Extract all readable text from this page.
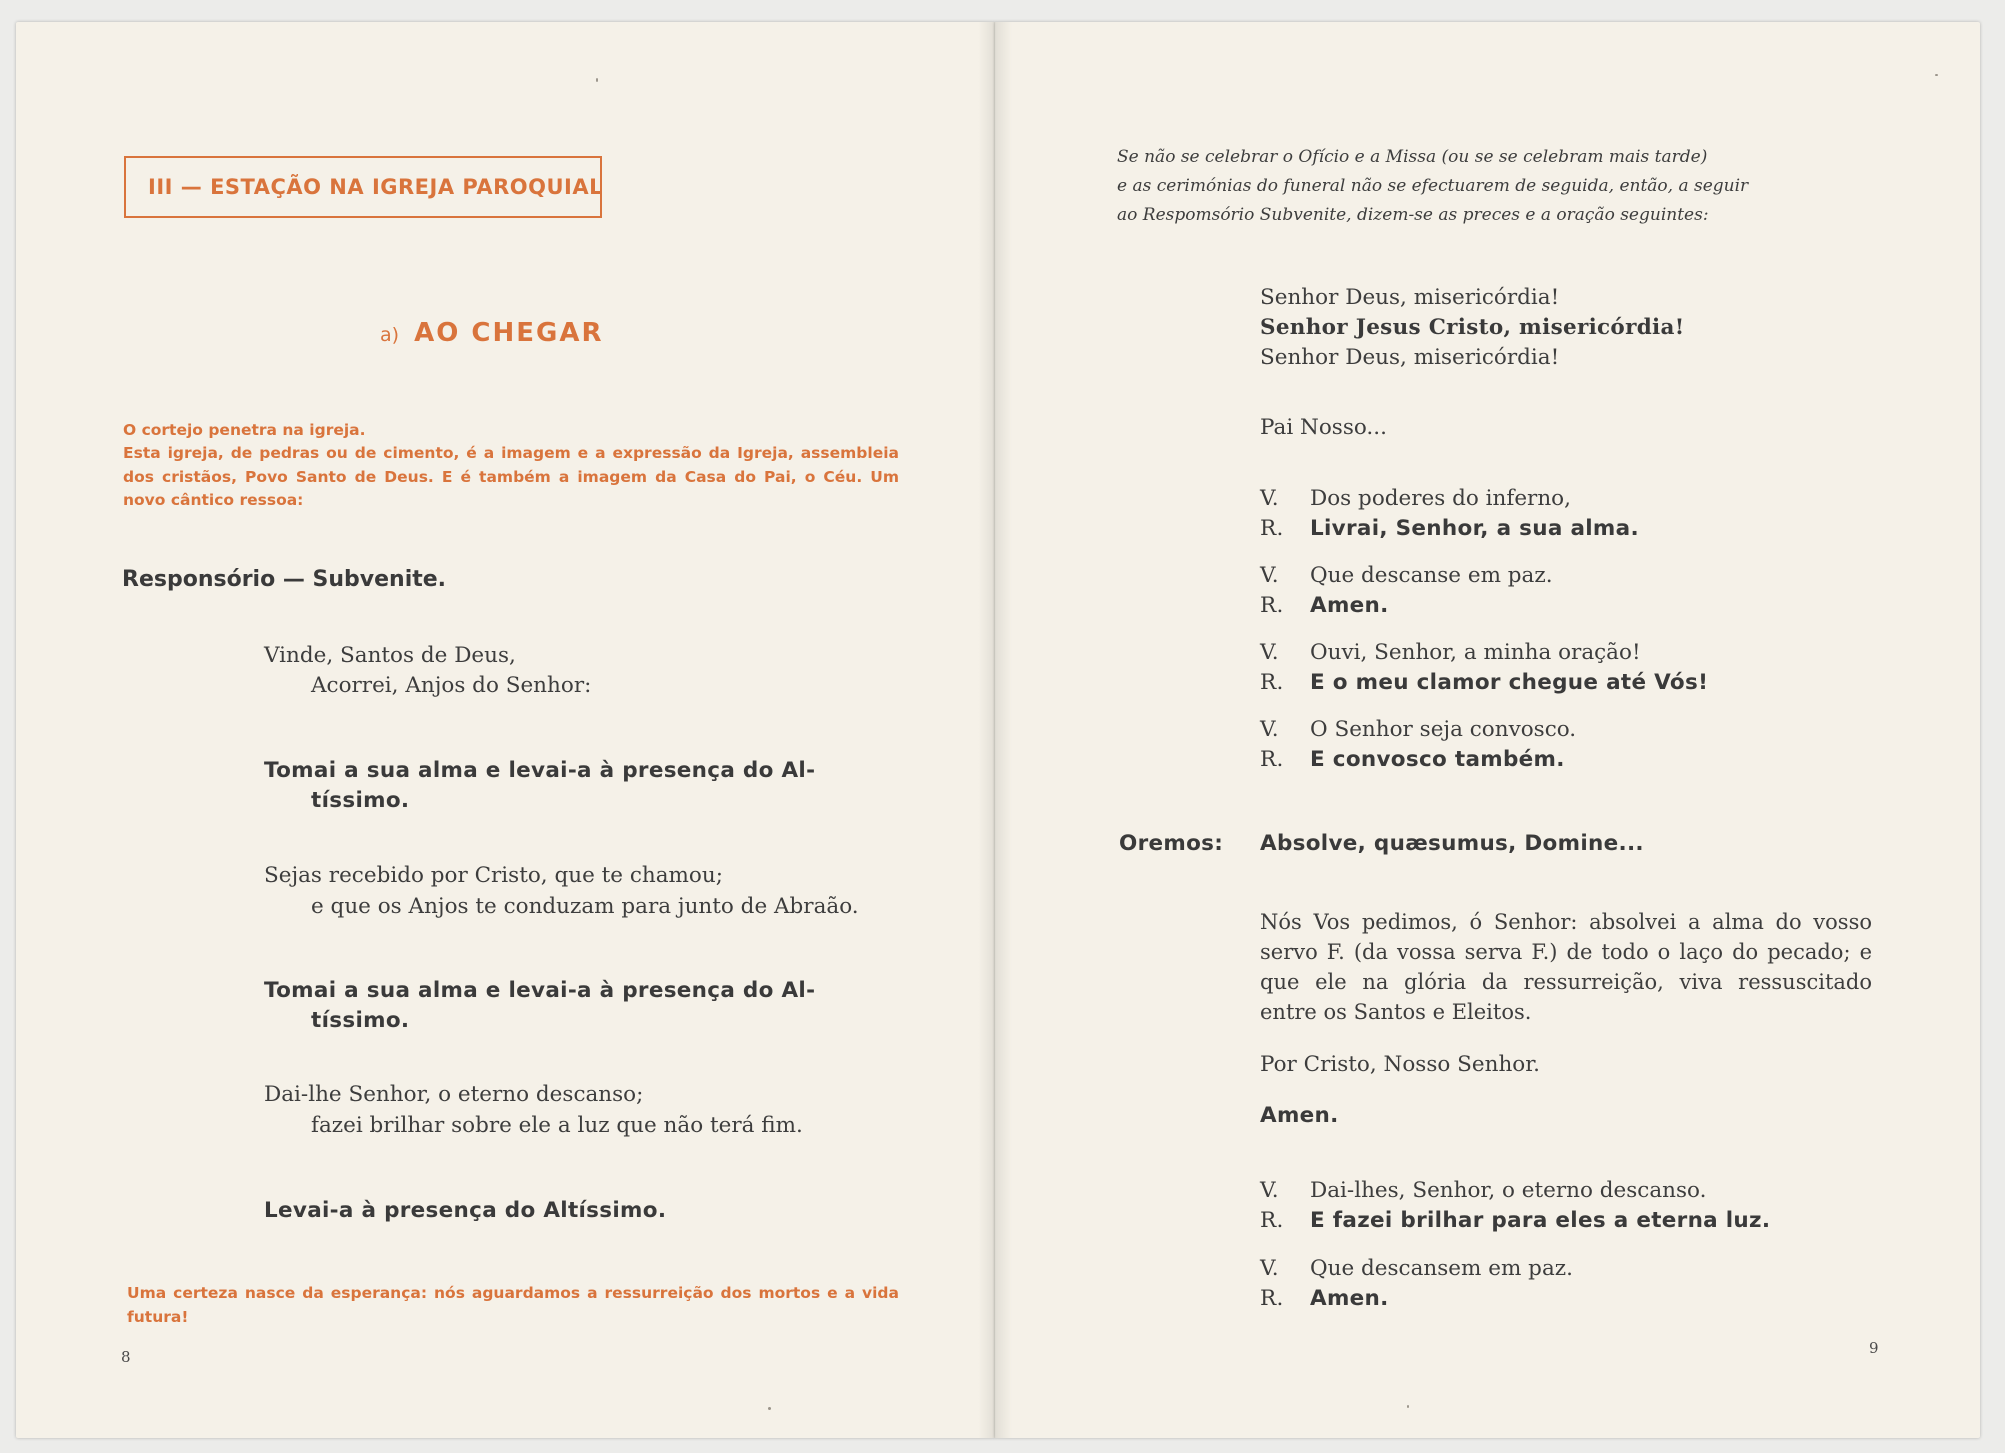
III — ESTAÇÃO NA IGREJA PAROQUIAL
a) AO CHEGAR

O cortejo penetra na igreja.

Esta igreja, de pedras ou de cimento, é a imagem e a expressão da Igreja, assembleia dos cristãos, Povo Santo de Deus. E é também a imagem da Casa do Pai, o Céu. Um novo cântico ressoa:

Responsório — Subvenite.

Vinde, Santos de Deus,

Acorrei, Anjos do Senhor:

Tomai a sua alma e levai-a à presença do Al-

tíssimo.

Sejas recebido por Cristo, que te chamou;

e que os Anjos te conduzam para junto de Abraão.

Tomai a sua alma e levai-a à presença do Al-

tíssimo.

Dai-lhe Senhor, o eterno descanso;

fazei brilhar sobre ele a luz que não terá fim.

Levai-a à presença do Altíssimo.

Uma certeza nasce da esperança: nós aguardamos a ressurreição dos mortos e a vida futura!

8

Se não se celebrar o Ofício e a Missa (ou se se celebram mais tarde)

e as cerimónias do funeral não se efectuarem de seguida, então, a seguir

ao Respomsório Subvenite, dizem-se as preces e a oração seguintes:

Senhor Deus, misericórdia!

Senhor Jesus Cristo, misericórdia!

Senhor Deus, misericórdia!

Pai Nosso...

V. Dos poderes do inferno,

R. Livrai, Senhor, a sua alma.

V. Que descanse em paz.

R. Amen.

V. Ouvi, Senhor, a minha oração!

R. E o meu clamor chegue até Vós!

V. O Senhor seja convosco.

R. E convosco também.

Oremos: Absolve, quæsumus, Domine...

Nós Vos pedimos, ó Senhor: absolvei a alma do vosso servo F. (da vossa serva F.) de todo o laço do pecado; e que ele na glória da ressurreição, viva ressuscitado entre os Santos e Eleitos.

Por Cristo, Nosso Senhor.

Amen.

V. Dai-lhes, Senhor, o eterno descanso.

R. E fazei brilhar para eles a eterna luz.

V. Que descansem em paz.

R. Amen.

9
